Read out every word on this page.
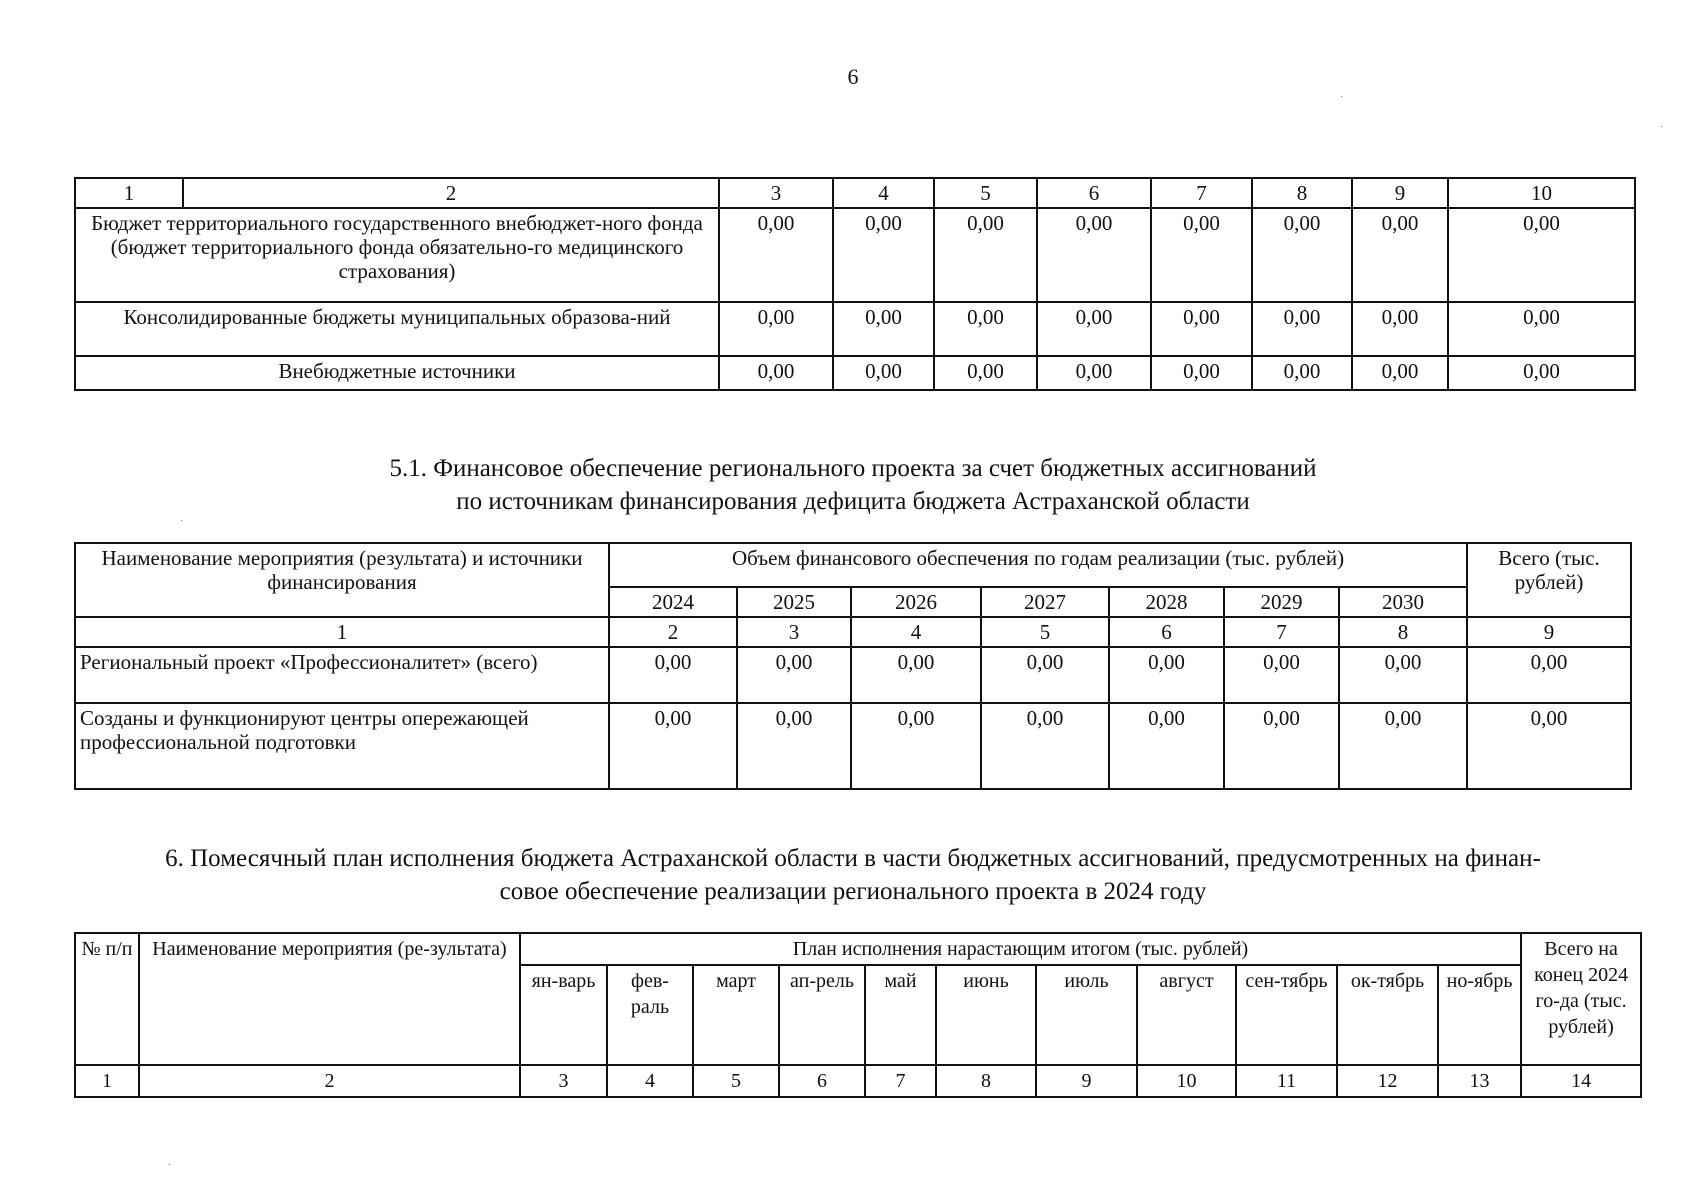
6
1	2	3	4	5	6	7	8	9	10
Бюджет территориального государственного внебюджет-ного фонда (бюджет территориального фонда обязательно-го медицинского страхования)		0,00	0,00	0,00	0,00	0,00	0,00	0,00	0,00
Консолидированные бюджеты муниципальных образова-ний		0,00	0,00	0,00	0,00	0,00	0,00	0,00	0,00
Внебюджетные источники		0,00	0,00	0,00	0,00	0,00	0,00	0,00	0,00
5.1. Финансовое обеспечение регионального проекта за счет бюджетных ассигнований
по источникам финансирования дефицита бюджета Астраханской области
Наименование мероприятия (результата) и источники финансирования	Объем финансового обеспечения по годам реализации (тыс. рублей)							Всего (тыс. рублей)
	2024	2025	2026	2027	2028	2029	2030	
1	2	3	4	5	6	7	8	9
Региональный проект «Профессионалитет» (всего)	0,00	0,00	0,00	0,00	0,00	0,00	0,00	0,00
Созданы и функционируют центры опережающей профессиональной подготовки	0,00	0,00	0,00	0,00	0,00	0,00	0,00	0,00
6. Помесячный план исполнения бюджета Астраханской области в части бюджетных ассигнований, предусмотренных на финан-
совое обеспечение реализации регионального проекта в 2024 году
№ п/п	Наименование мероприятия (ре-зультата)	План исполнения нарастающим итогом (тыс. рублей)											Всего на конец 2024 го-да (тыс. рублей)
		ян-варь	фев-раль	март	ап-рель	май	июнь	июль	август	сен-тябрь	ок-тябрь	но-ябрь	
1	2	3	4	5	6	7	8	9	10	11	12	13	14
·
·
·
·
